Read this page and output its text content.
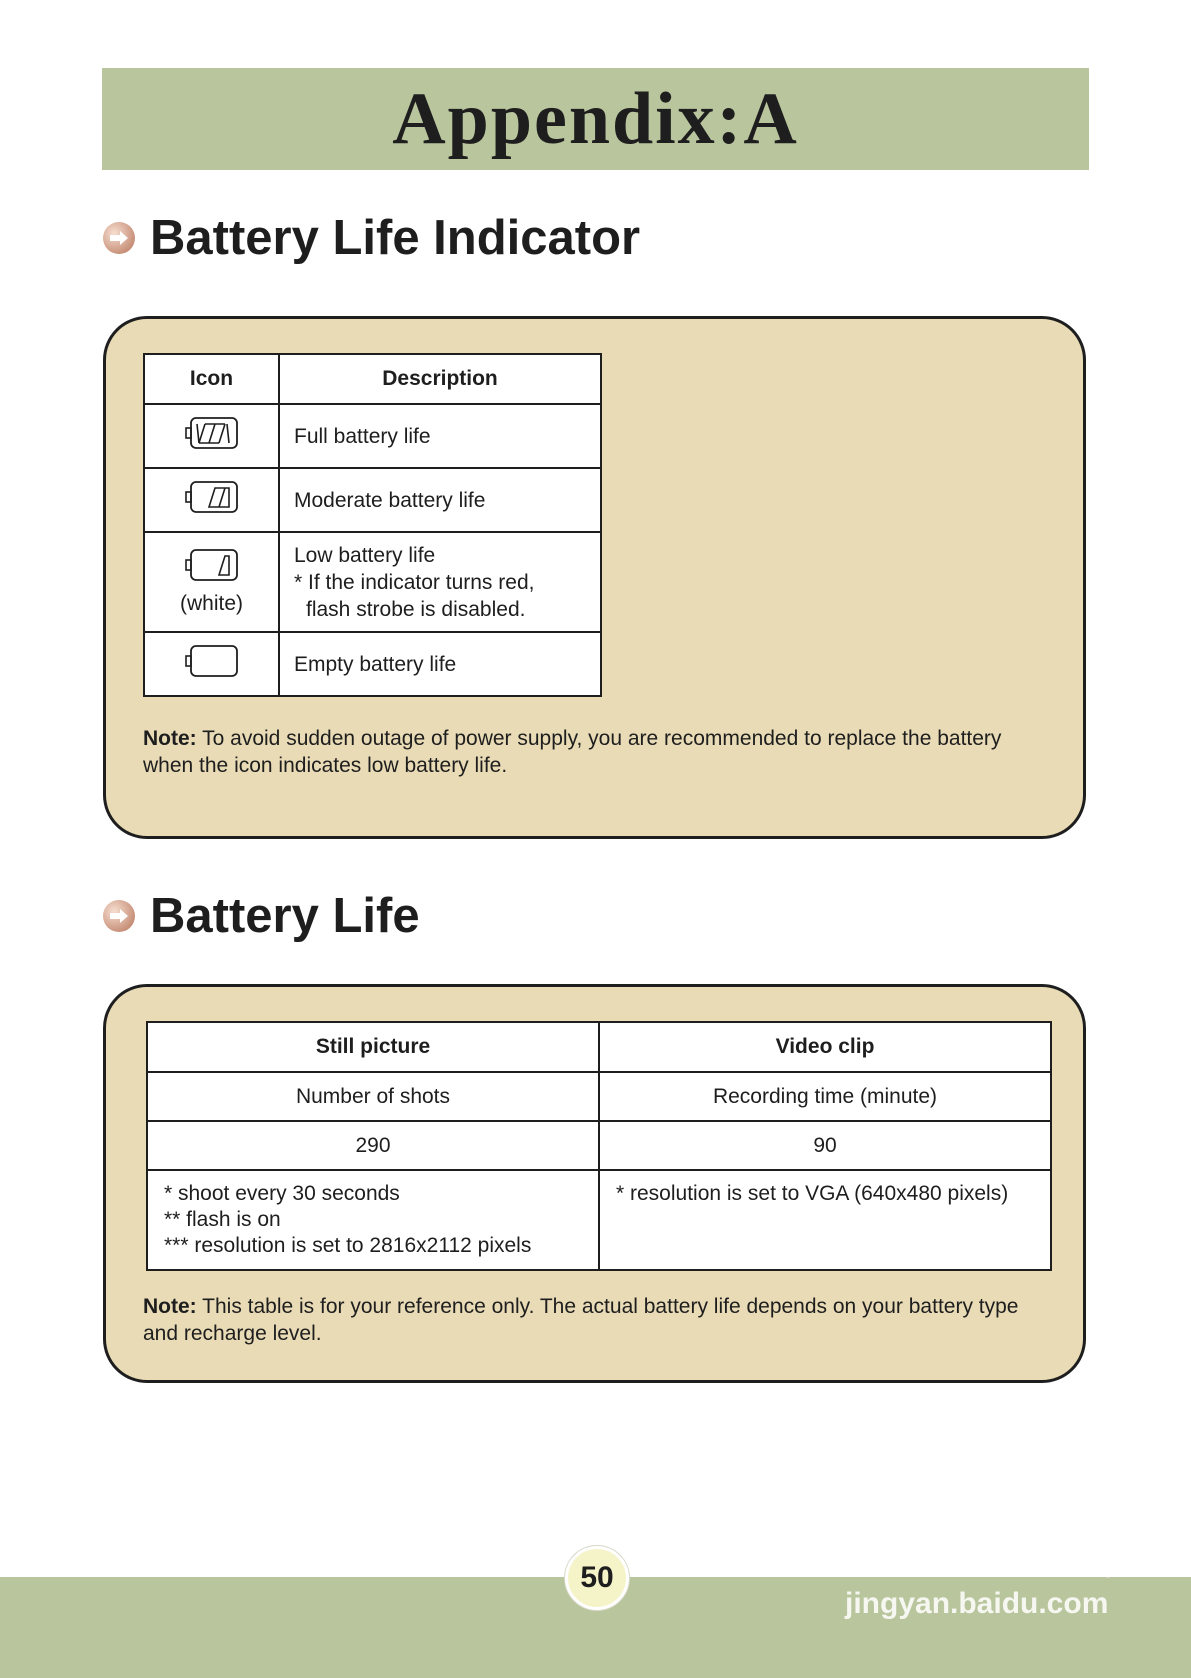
Appendix:A
Battery Life Indicator
Icon	Description
	Full battery life
	Moderate battery life

(white)	Low battery life
* If the indicator turns red,
flash strobe is disabled.

	Empty battery life
Note: To avoid sudden outage of power supply, you are recommended to replace the battery when the icon indicates low battery life.
Battery Life
Still picture	Video clip
Number of shots	Recording time (minute)
290	90

* shoot every 30 seconds
** flash is on
*** resolution is set to 2816x2112 pixels	* resolution is set to VGA (640x480 pixels)
Note: This table is for your reference only. The actual battery life depends on your battery type and recharge level.
50	Bai du 经验
jingyan.baidu.com
